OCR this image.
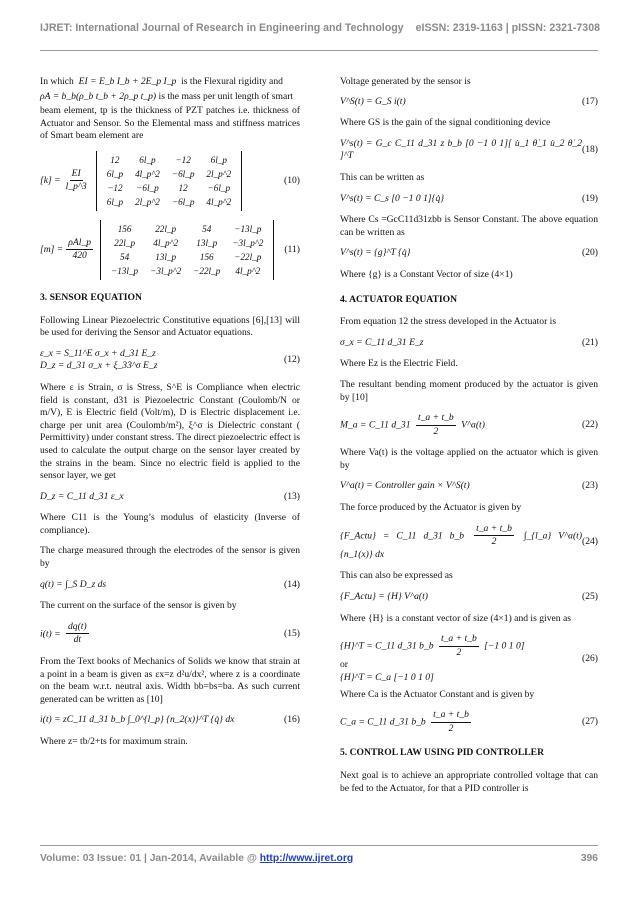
IJRET: International Journal of Research in Engineering and Technology eISSN: 2319-1163 | pISSN: 2321-7308
In which EI = E_b I_b + 2E_p I_p is the Flexural rigidity and
ρA = b_b(ρ_b t_b + 2ρ_p t_p) is the mass per unit length of smart
beam element, tp is the thickness of PZT patches i.e. thickness of Actuator and Sensor. So the Elemental mass and stiffness matrices of Smart beam element are
$[k] = \frac{EI}{l\_p\^{}3}$
12	6l_p	−12	6l_p
6l_p	4l_p^2	−6l_p	2l_p^2
−12	−6l_p	12	−6l_p
6l_p	2l_p^2	−6l_p	4l_p^2
(10)
$[m] = \frac{\text{ρAl\_p}}{420}$
156	22l_p	54	−13l_p
22l_p	4l_p^2	13l_p	−3l_p^2
54	13l_p	156	−22l_p
−13l_p	−3l_p^2	−22l_p	4l_p^2
(11)
3. SENSOR EQUATION
Following Linear Piezoelectric Constitutive equations [6],[13] will be used for deriving the Sensor and Actuator equations.
ε_x = S_11^E σ_x + d_31 E_z
D_z = d_31 σ_x + ξ_33^σ E_z
(12)
Where ε is Strain, σ is Stress, S^E is Compliance when electric field is constant, d31 is Piezoelectric Constant (Coulomb/N or m/V), E is Electric field (Volt/m), D is Electric displacement i.e. charge per unit area (Coulomb/m²), ξ^σ is Dielectric constant ( Permittivity) under constant stress. The direct piezoelectric effect is used to calculate the output charge on the sensor layer created by the strains in the beam. Since no electric field is applied to the sensor layer, we get
D_z = C_11 d_31 ε_x	(13)
Where C11 is the Young’s modulus of elasticity (Inverse of compliance).
The charge measured through the electrodes of the sensor is given by
q(t) = ∫_S D_z ds	(14)
The current on the surface of the sensor is given by
$i(t) = \frac{dq(t)}{dt}$	(15)
From the Text books of Mechanics of Solids we know that strain at a point in a beam is given as εx=z d²u/dx², where z is a coordinate on the beam w.r.t. neutral axis. Width bb=bs=ba. As such current generated can be written as [10]
i(t) = zC_11 d_31 b_b ∫_0^{l_p} {n_2(x)}^T {q̇} dx	(16)
Where z= tb/2+ts for maximum strain.
Voltage generated by the sensor is
V^S(t) = G_S i(t)	(17)
Where GS is the gain of the signal conditioning device
V^s(t) = G_c C_11 d_31 z b_b [0 −1 0 1][ u̇_1 θ̇_1 u̇_2 θ̇_2 ]^T
(18)
This can be written as
V^s(t) = C_s [0 −1 0 1]{q̇}	(19)
Where Cs =GcC11d31zbb is Sensor Constant. The above equation can be written as
V^s(t) = {g}^T {q̇}	(20)
Where {g} is a Constant Vector of size (4×1)
4. ACTUATOR EQUATION
From equation 12 the stress developed in the Actuator is
σ_x = C_11 d_31 E_z	(21)
Where Ez is the Electric Field.
The resultant bending moment produced by the actuator is given by [10]
M_a = C_11 d_31 $\frac{t\_a + t\_b}{2}$ V^a(t)	(22)
Where Va(t) is the voltage applied on the actuator which is given by
V^a(t) = Controller gain × V^S(t)	(23)
The force produced by the Actuator is given by
{F_Actu} = C_11 d_31 b_b $\frac{t\_a + t\_b}{2}$ ∫_{l_a} V^a(t){n_1(x)} dx
(24)
This can also be expressed as
{F_Actu} = {H} V^a(t)	(25)
Where {H} is a constant vector of size (4×1) and is given as
{H}^T = C_11 d_31 b_b $\frac{t\_a + t\_b}{2} [-1$ 0 1 0]
or
{H}^T = C_a [−1 0 1 0]
(26)
Where Ca is the Actuator Constant and is given by
C_a = C_11 d_31 b_b $\frac{t\_a + t\_b}{2}$	(27)
5. CONTROL LAW USING PID CONTROLLER
Next goal is to achieve an appropriate controlled voltage that can be fed to the Actuator, for that a PID controller is
Volume: 03 Issue: 01 | Jan-2014, Available @ http://www.ijret.org	396
